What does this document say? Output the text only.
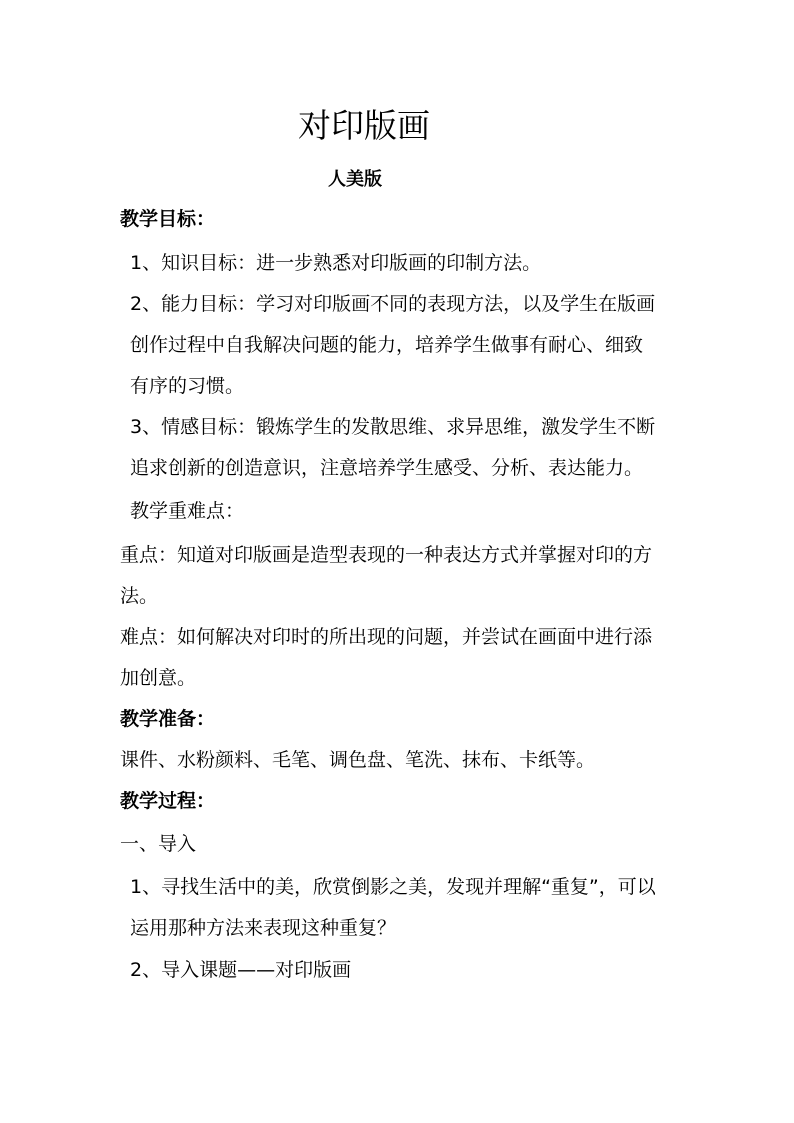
对印版画
人美版
教学目标：
1、知识目标：进一步熟悉对印版画的印制方法。
2、能力目标：学习对印版画不同的表现方法，以及学生在版画
创作过程中自我解决问题的能力，培养学生做事有耐心、细致
有序的习惯。
3、情感目标：锻炼学生的发散思维、求异思维，激发学生不断
追求创新的创造意识，注意培养学生感受、分析、表达能力。
教学重难点：
重点：知道对印版画是造型表现的一种表达方式并掌握对印的方
法。
难点：如何解决对印时的所出现的问题，并尝试在画面中进行添
加创意。
教学准备：
课件、水粉颜料、毛笔、调色盘、笔洗、抹布、卡纸等。
教学过程：
一、导入
1、寻找生活中的美，欣赏倒影之美，发现并理解“重复”，可以
运用那种方法来表现这种重复？
2、导入课题——对印版画
